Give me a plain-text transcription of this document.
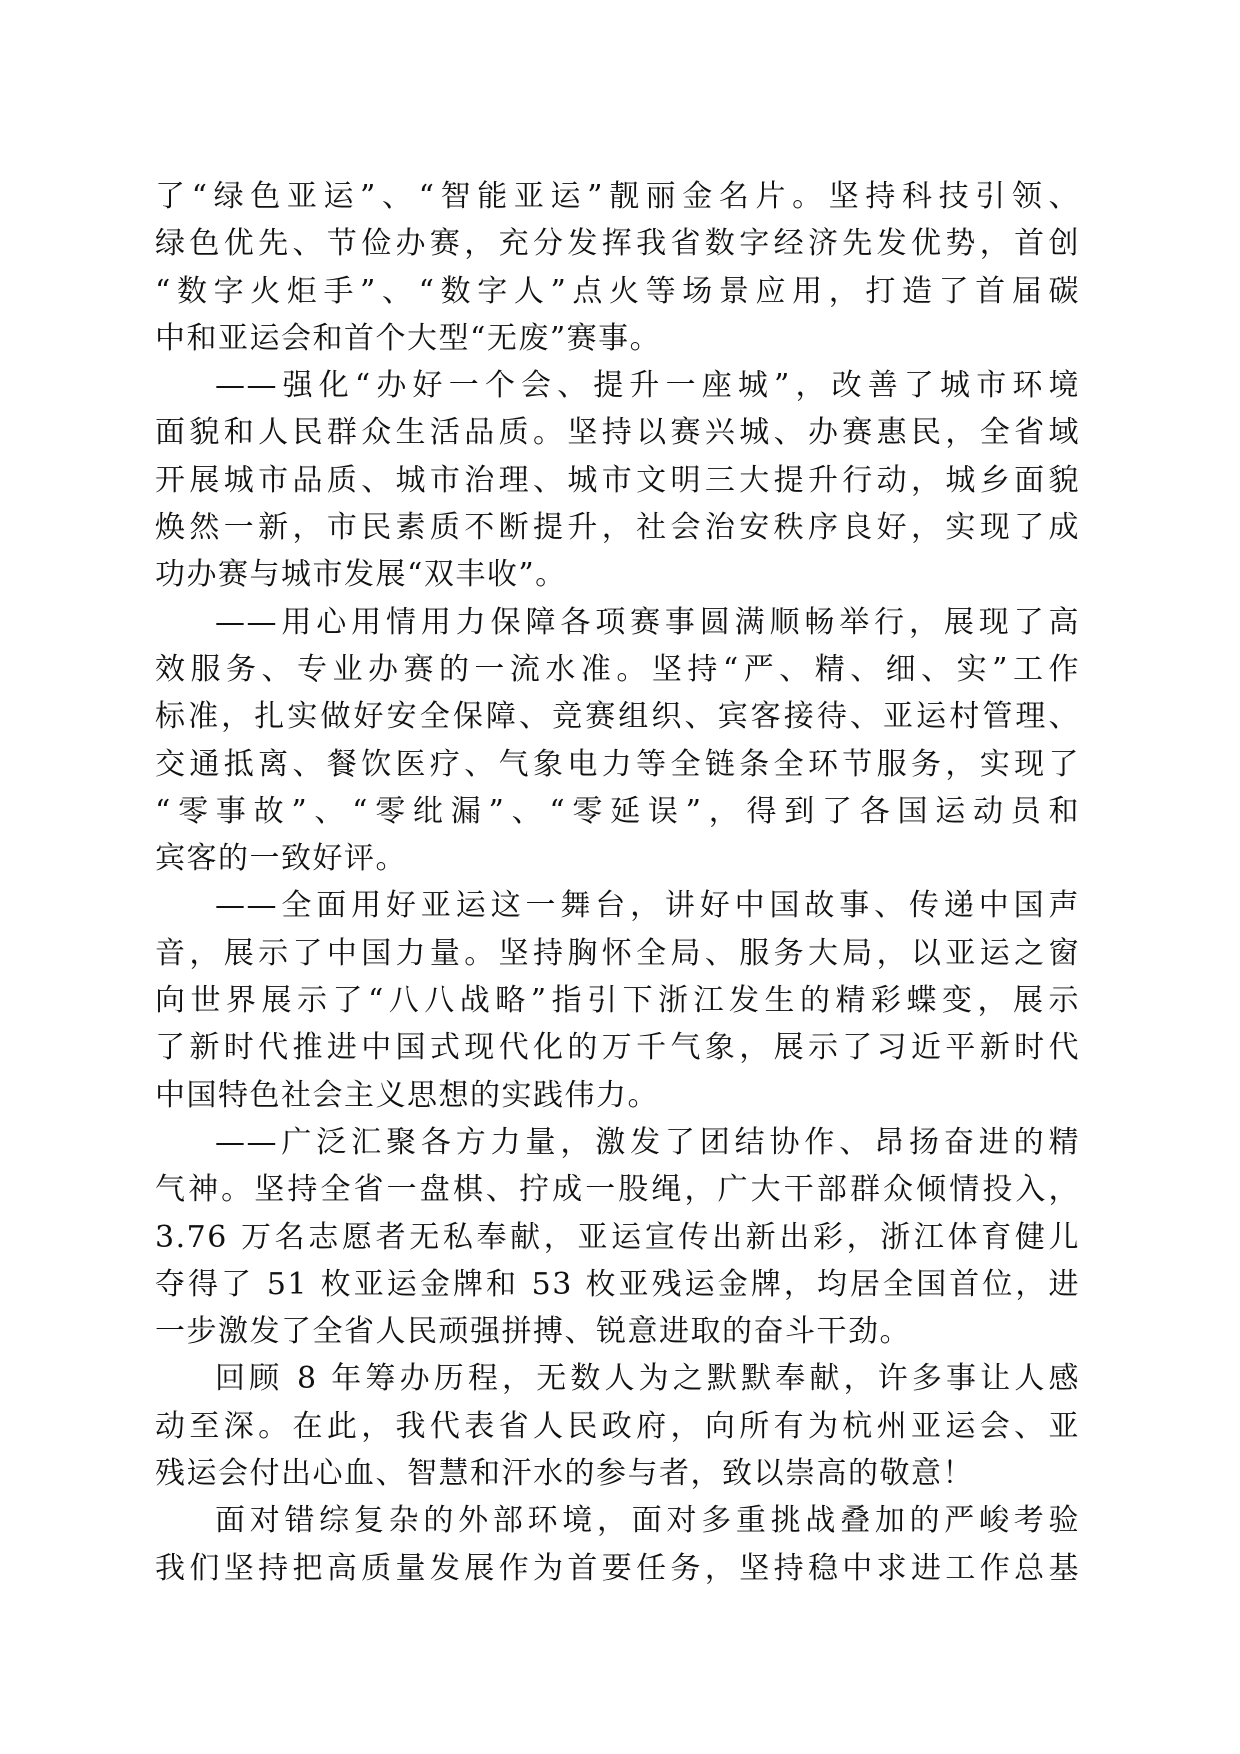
了“绿色亚运”、“智能亚运”靓丽金名片。坚持科技引领、
绿色优先、节俭办赛，充分发挥我省数字经济先发优势，首创
“数字火炬手”、“数字人”点火等场景应用，打造了首届碳
中和亚运会和首个大型“无废”赛事。
——强化“办好一个会、提升一座城”，改善了城市环境
面貌和人民群众生活品质。坚持以赛兴城、办赛惠民，全省域
开展城市品质、城市治理、城市文明三大提升行动，城乡面貌
焕然一新，市民素质不断提升，社会治安秩序良好，实现了成
功办赛与城市发展“双丰收”。
——用心用情用力保障各项赛事圆满顺畅举行，展现了高
效服务、专业办赛的一流水准。坚持“严、精、细、实”工作
标准，扎实做好安全保障、竞赛组织、宾客接待、亚运村管理、
交通抵离、餐饮医疗、气象电力等全链条全环节服务，实现了
“零事故”、“零纰漏”、“零延误”，得到了各国运动员和
宾客的一致好评。
——全面用好亚运这一舞台，讲好中国故事、传递中国声
音，展示了中国力量。坚持胸怀全局、服务大局，以亚运之窗
向世界展示了“八八战略”指引下浙江发生的精彩蝶变，展示
了新时代推进中国式现代化的万千气象，展示了习近平新时代
中国特色社会主义思想的实践伟力。
——广泛汇聚各方力量，激发了团结协作、昂扬奋进的精
气神。坚持全省一盘棋、拧成一股绳，广大干部群众倾情投入，
3.76 万名志愿者无私奉献，亚运宣传出新出彩，浙江体育健儿
夺得了 51 枚亚运金牌和 53 枚亚残运金牌，均居全国首位，进
一步激发了全省人民顽强拼搏、锐意进取的奋斗干劲。
回顾 8 年筹办历程，无数人为之默默奉献，许多事让人感
动至深。在此，我代表省人民政府，向所有为杭州亚运会、亚
残运会付出心血、智慧和汗水的参与者，致以崇高的敬意！
面对错综复杂的外部环境，面对多重挑战叠加的严峻考验
我们坚持把高质量发展作为首要任务，坚持稳中求进工作总基
